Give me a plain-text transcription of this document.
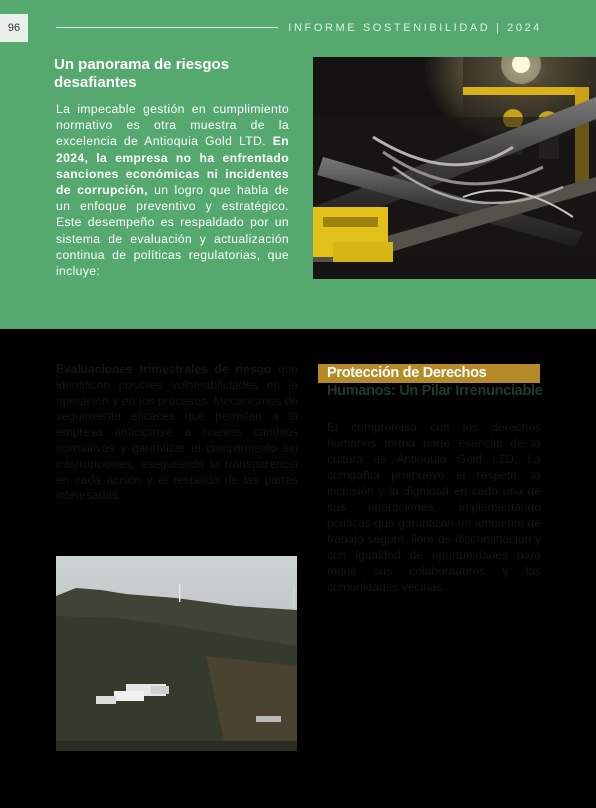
96	INFORME SOSTENIBILIDAD | 2024
Un panorama de riesgos desafiantes
La impecable gestión en cumplimiento normativo es otra muestra de la excelencia de Antioquia Gold LTD. En 2024, la empresa no ha enfrentado sanciones económicas ni incidentes de corrupción, un logro que habla de un enfoque preventivo y estratégico. Este desempeño es respaldado por un sistema de evaluación y actualización continua de políticas regulatorias, que incluye:
Evaluaciones trimestrales de riesgo que identifican posibles vulnerabilidades en la operación y en los procesos. Mecanismos de seguimiento eficaces que permiten a la empresa anticiparse a nuevos cambios normativos y garantizar el cumplimiento sin interrupciones, asegurando la transparencia en cada acción y el respaldo de las partes interesadas.
Protección de Derechos
Humanos: Un Pilar Irrenunciable
El compromiso con los derechos humanos forma parte esencial de la cultura de Antioquia Gold LTD. La compañía promueve el respeto, la inclusión y la dignidad en cada una de sus operaciones, implementando políticas que garantizan un ambiente de trabajo seguro, libre de discriminación y con igualdad de oportunidades para todos sus colaboradores y las comunidades vecinas.
